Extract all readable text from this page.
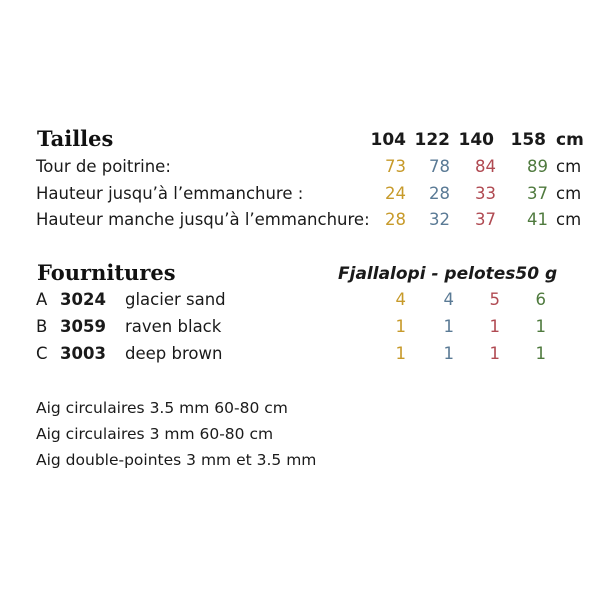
Tailles	104 122 140 158 cm
Tour de poitrine:	73	78	84	89 cm
Hauteur jusqu’à l’emmanchure :	24	28	33	37 cm
Hauteur manche jusqu’à l’emmanchure: 28	32	37	41 cm
Fournitures	Fjallalopi - pelotes50 g
A 3024 glacier sand	4	4	5	6
B 3059 raven black	1	1	1	1
C 3003 deep brown	1	1	1	1
Aig circulaires 3.5 mm 60-80 cm
Aig circulaires 3 mm 60-80 cm
Aig double-pointes 3 mm et 3.5 mm
